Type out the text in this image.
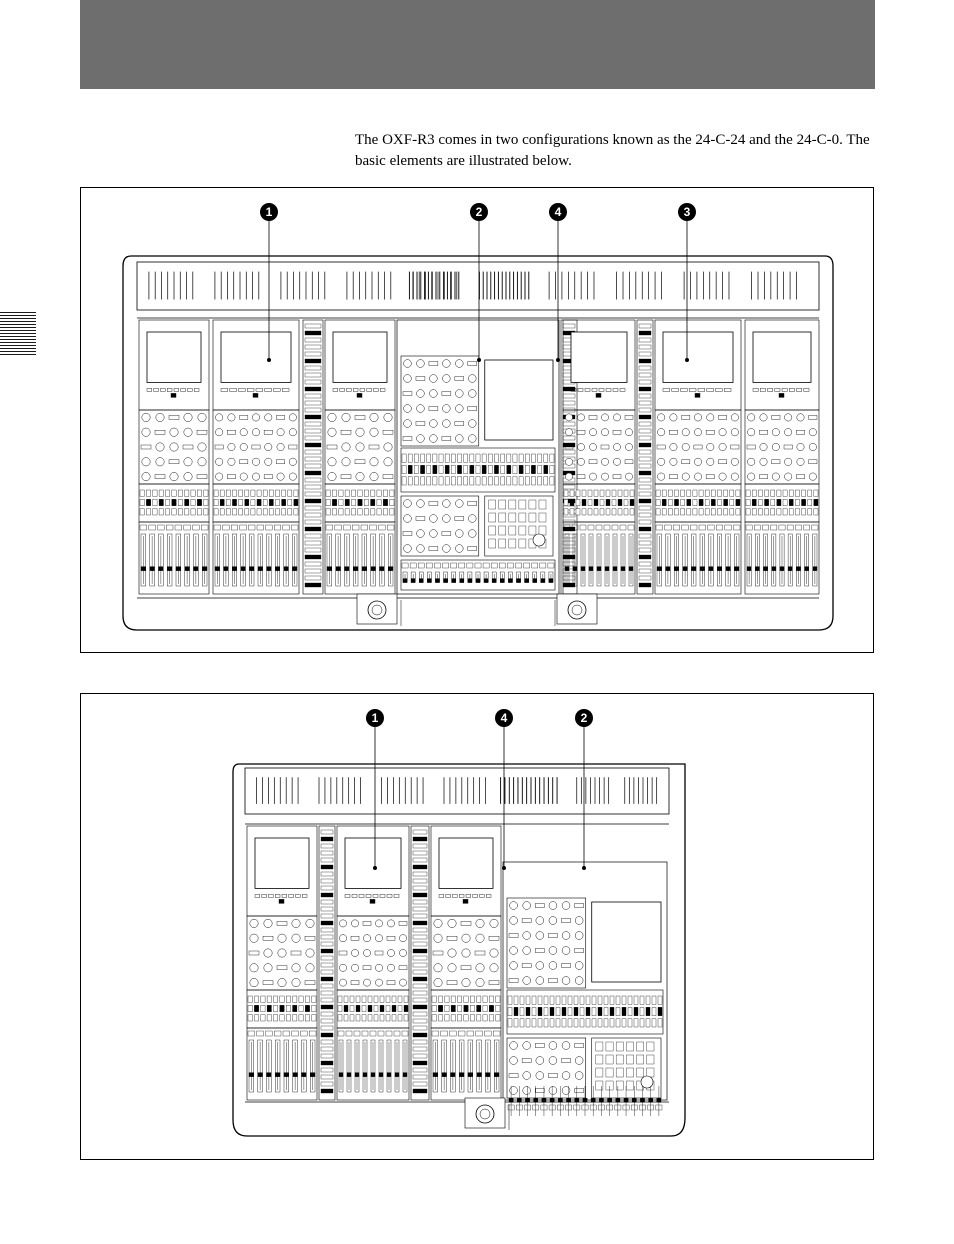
The OXF-R3 comes in two configurations known as the 24-C-24 and the 24-C-0. The basic elements are illustrated below.

1	2	4	3
1	4	2
